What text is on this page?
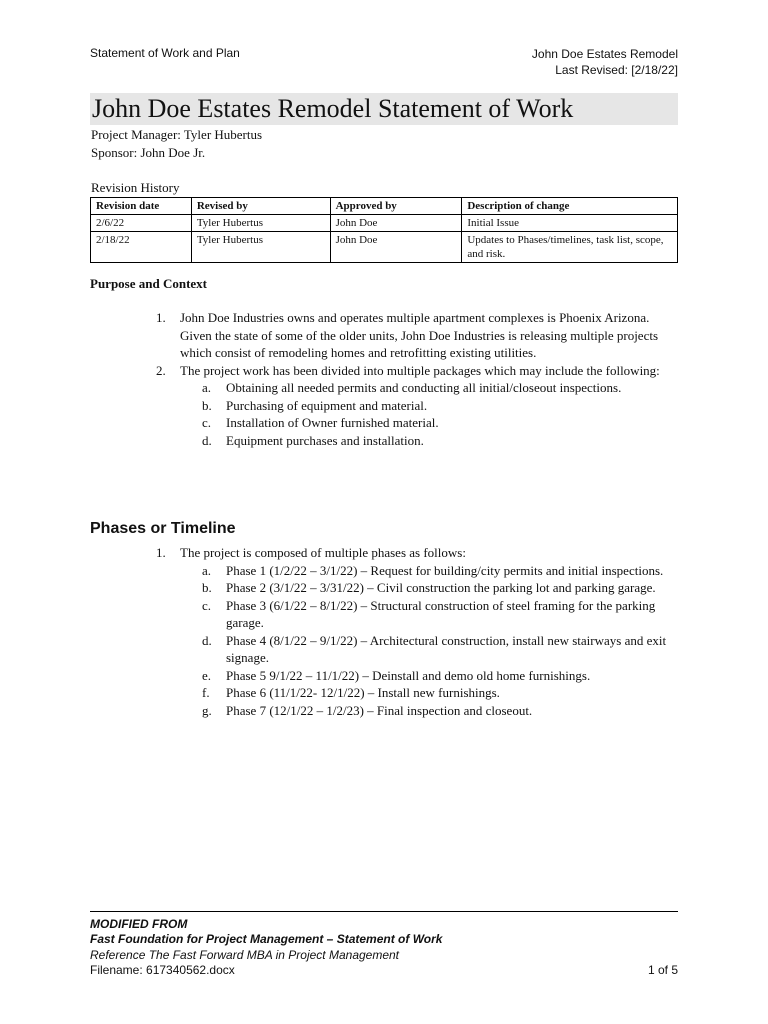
Statement of Work and Plan	John Doe Estates Remodel
Last Revised: [2/18/22]
John Doe Estates Remodel Statement of Work
Project Manager: Tyler Hubertus
Sponsor: John Doe Jr.
Revision History
Revision date	Revised by	Approved by	Description of change
2/6/22	Tyler Hubertus	John Doe	Initial Issue
2/18/22	Tyler Hubertus	John Doe	Updates to Phases/timelines, task list, scope, and risk.
Purpose and Context
1. John Doe Industries owns and operates multiple apartment complexes is Phoenix Arizona. Given the state of some of the older units, John Doe Industries is releasing multiple projects which consist of remodeling homes and retrofitting existing utilities.
2. The project work has been divided into multiple packages which may include the following:
a. Obtaining all needed permits and conducting all initial/closeout inspections.
b. Purchasing of equipment and material.
c. Installation of Owner furnished material.
d. Equipment purchases and installation.
Phases or Timeline
1. The project is composed of multiple phases as follows:
a. Phase 1 (1/2/22 – 3/1/22) – Request for building/city permits and initial inspections.
b. Phase 2 (3/1/22 – 3/31/22) – Civil construction the parking lot and parking garage.
c. Phase 3 (6/1/22 – 8/1/22) – Structural construction of steel framing for the parking garage.
d. Phase 4 (8/1/22 – 9/1/22) – Architectural construction, install new stairways and exit signage.
e. Phase 5 9/1/22 – 11/1/22) – Deinstall and demo old home furnishings.
f. Phase 6 (11/1/22- 12/1/22) – Install new furnishings.
g. Phase 7 (12/1/22 – 1/2/23) – Final inspection and closeout.
MODIFIED FROM
Fast Foundation for Project Management – Statement of Work
Reference The Fast Forward MBA in Project Management
Filename: 617340562.docx	1 of 5
